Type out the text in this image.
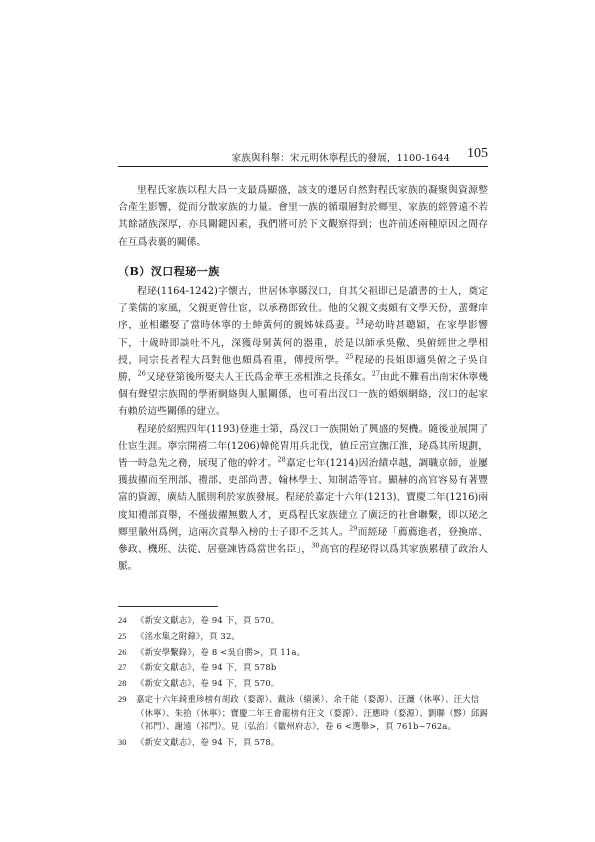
家族與科舉：宋元明休寧程氏的發展，1100-1644 105

里程氏家族以程大昌一支最爲顯盛，該支的遷居自然對程氏家族的凝聚與資源整合產生影響，從而分散家族的力量。會里一族的循環層對於鄉里、家族的經營遠不若其餘諸族深厚，亦具關鍵因素，我們將可於下文觀察得到；也許前述兩種原因之間存在互爲表裏的關係。

（B）汊口程珌一族

程珌(1164-1242)字懷古，世居休寧縣汊口，自其父祖即已是讀書的士人，奠定了業儒的家風，父親更曾仕宦，以承務郎致仕。他的父親文夷頗有文學天份，蜚聲庠序，並相繼娶了當時休寧的士紳黃何的親姊妹爲妻。$^{24}$珌幼時甚聰穎，在家學影響下，十歲時即談吐不凡，深獲母舅黃何的器重，於是以師承吳儆、吳俯經世之學相授，同宗長者程大昌對他也頗爲看重，傳授所學。$^{25}$程珌的長姐即適吳俯之子吳自勝，$^{26}$又珌登第後所娶夫人王氏爲金華王丞相淮之長孫女。$^{27}$由此不難看出南宋休寧幾個有聲望宗族間的學術網絡與人脈關係，也可看出汊口一族的婚姻網絡，汊口的起家有賴於這些關係的建立。

程珌於紹熙四年(1193)登進士第，爲汊口一族開始了興盛的契機。隨後並展開了仕宦生涯。寧宗開禧二年(1206)韓侂胄用兵北伐，値丘崈宣撫江淮，珌爲其所規劃，皆一時急先之務，展現了他的幹才。$^{28}$嘉定七年(1214)因治績卓越，調職京師，並屢獲拔擢而至刑部、禮部、吏部尚書、翰林學士、知制誥等官。顯赫的高官容易有著豐富的資源，廣結人脈則利於家族發展。程珌於嘉定十六年(1213)、寶慶二年(1216)兩度知禮部貢舉，不僅拔擢無數人才，更爲程氏家族建立了廣泛的社會聯繫，即以珌之鄉里徽州爲例，這兩次貢舉入榜的士子即不乏其人。$^{29}$而經珌「薦薦進者，登換席、參政、機班、法從、居臺諫皆爲當世名臣」，$^{30}$高官的程珌得以爲其家族累積了政治人脈。

24	《新安文獻志》，卷 94 下，頁 570。
25	《洺水集之附錄》，頁 32。
26	《新安學繫錄》，卷 8 <吳自勝>，頁 11a。
27	《新安文獻志》，卷 94 下，頁 578b
28	《新安文獻志》，卷 94 下，頁 570。
29	嘉定十六年錡重珍榜有胡政（婺源）、戴泳（績溪）、余千能（婺源）、汪濂（休寧）、汪大信（休寧）、朱拾（休寧）；寶慶二年王會龍榜有汪文（婺源）、汪應時（婺源）、劉聯（黟）邱錫（祁門）、謝遠（祁門）。見〔弘治〕《徽州府志》，卷 6 <選舉>，頁 761b~762a。
30	《新安文獻志》，卷 94 下，頁 578。
